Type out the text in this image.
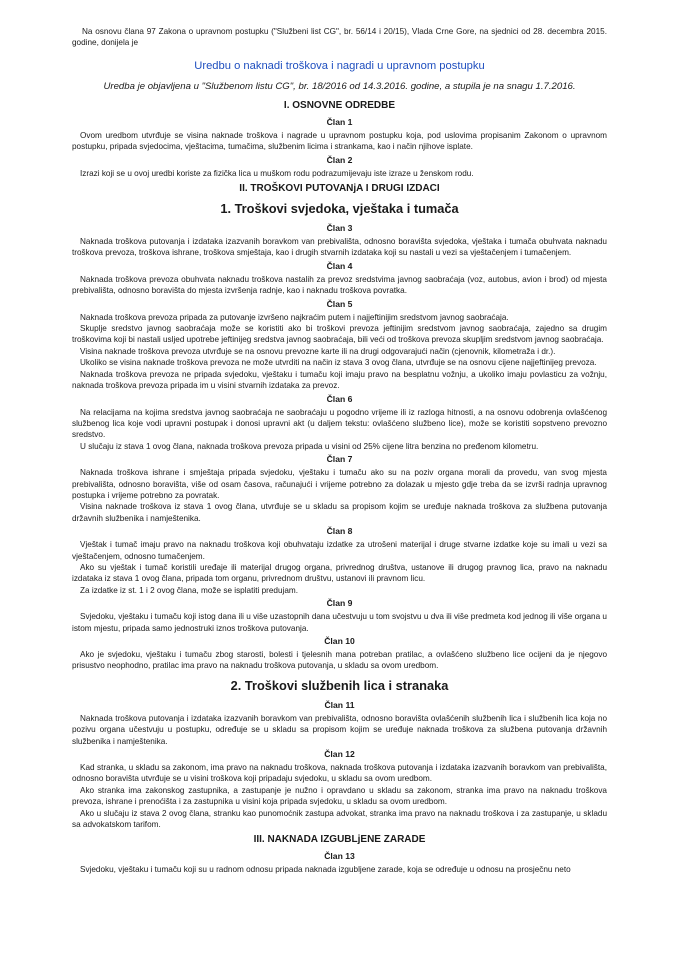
Na osnovu člana 97 Zakona o upravnom postupku ("Službeni list CG", br. 56/14 i 20/15), Vlada Crne Gore, na sjednici od 28. decembra 2015. godine, donijela je

Uredbu o naknadi troškova i nagradi u upravnom postupku
Uredba je objavljena u "Službenom listu CG", br. 18/2016 od 14.3.2016. godine, a stupila je na snagu 1.7.2016.
I. OSNOVNE ODREDBE
Član 1

Ovom uredbom utvrđuje se visina naknade troškova i nagrade u upravnom postupku koja, pod uslovima propisanim Zakonom o upravnom postupku, pripada svjedocima, vještacima, tumačima, službenim licima i strankama, kao i način njihove isplate.

Član 2

Izrazi koji se u ovoj uredbi koriste za fizička lica u muškom rodu podrazumijevaju iste izraze u ženskom rodu.

II. TROŠKOVI PUTOVANjA I DRUGI IZDACI
1. Troškovi svjedoka, vještaka i tumača
Član 3

Naknada troškova putovanja i izdataka izazvanih boravkom van prebivališta, odnosno boravišta svjedoka, vještaka i tumača obuhvata naknadu troškova prevoza, troškova ishrane, troškova smještaja, kao i drugih stvarnih izdataka koji su nastali u vezi sa vještačenjem i tumačenjem.

Član 4

Naknada troškova prevoza obuhvata naknadu troškova nastalih za prevoz sredstvima javnog saobraćaja (voz, autobus, avion i brod) od mjesta prebivališta, odnosno boravišta do mjesta izvršenja radnje, kao i naknadu troškova povratka.

Član 5

Naknada troškova prevoza pripada za putovanje izvršeno najkraćim putem i najjeftinijim sredstvom javnog saobraćaja.

Skuplje sredstvo javnog saobraćaja može se koristiti ako bi troškovi prevoza jeftinijim sredstvom javnog saobraćaja, zajedno sa drugim troškovima koji bi nastali usljed upotrebe jeftinijeg sredstva javnog saobraćaja, bili veći od troškova prevoza skupljim sredstvom javnog saobraćaja.

Visina naknade troškova prevoza utvrđuje se na osnovu prevozne karte ili na drugi odgovarajući način (cjenovnik, kilometraža i dr.).

Ukoliko se visina naknade troškova prevoza ne može utvrditi na način iz stava 3 ovog člana, utvrđuje se na osnovu cijene najjeftinijeg prevoza.

Naknada troškova prevoza ne pripada svjedoku, vještaku i tumaču koji imaju pravo na besplatnu vožnju, a ukoliko imaju povlasticu za vožnju, naknada troškova prevoza pripada im u visini stvarnih izdataka za prevoz.

Član 6

Na relacijama na kojima sredstva javnog saobraćaja ne saobraćaju u pogodno vrijeme ili iz razloga hitnosti, a na osnovu odobrenja ovlašćenog službenog lica koje vodi upravni postupak i donosi upravni akt (u daljem tekstu: ovlašćeno službeno lice), može se koristiti sopstveno prevozno sredstvo.

U slučaju iz stava 1 ovog člana, naknada troškova prevoza pripada u visini od 25% cijene litra benzina no pređenom kilometru.

Član 7

Naknada troškova ishrane i smještaja pripada svjedoku, vještaku i tumaču ako su na poziv organa morali da provedu, van svog mjesta prebivališta, odnosno boravišta, više od osam časova, računajući i vrijeme potrebno za dolazak u mjesto gdje treba da se izvrši radnja upravnog postupka i vrijeme potrebno za povratak.

Visina naknade troškova iz stava 1 ovog člana, utvrđuje se u skladu sa propisom kojim se uređuje naknada troškova za službena putovanja državnih službenika i namještenika.

Član 8

Vještak i tumač imaju pravo na naknadu troškova koji obuhvataju izdatke za utrošeni materijal i druge stvarne izdatke koje su imali u vezi sa vještačenjem, odnosno tumačenjem.

Ako su vještak i tumač koristili uređaje ili materijal drugog organa, privrednog društva, ustanove ili drugog pravnog lica, pravo na naknadu izdataka iz stava 1 ovog člana, pripada tom organu, privrednom društvu, ustanovi ili pravnom licu.

Za izdatke iz st. 1 i 2 ovog člana, može se isplatiti predujam.

Član 9

Svjedoku, vještaku i tumaču koji istog dana ili u više uzastopnih dana učestvuju u tom svojstvu u dva ili više predmeta kod jednog ili više organa u istom mjestu, pripada samo jednostruki iznos troškova putovanja.

Član 10

Ako je svjedoku, vještaku i tumaču zbog starosti, bolesti i tjelesnih mana potreban pratilac, a ovlašćeno službeno lice ocijeni da je njegovo prisustvo neophodno, pratilac ima pravo na naknadu troškova putovanja, u skladu sa ovom uredbom.

2. Troškovi službenih lica i stranaka
Član 11

Naknada troškova putovanja i izdataka izazvanih boravkom van prebivališta, odnosno boravišta ovlašćenih službenih lica i službenih lica koja no pozivu organa učestvuju u postupku, određuje se u skladu sa propisom kojim se uređuje naknada troškova za službena putovanja državnih službenika i namještenika.

Član 12

Kad stranka, u skladu sa zakonom, ima pravo na naknadu troškova, naknada troškova putovanja i izdataka izazvanih boravkom van prebivališta, odnosno boravišta utvrđuje se u visini troškova koji pripadaju svjedoku, u skladu sa ovom uredbom.

Ako stranka ima zakonskog zastupnika, a zastupanje je nužno i opravdano u skladu sa zakonom, stranka ima pravo na naknadu troškova prevoza, ishrane i prenoćišta i za zastupnika u visini koja pripada svjedoku, u skladu sa ovom uredbom.

Ako u slučaju iz stava 2 ovog člana, stranku kao punomoćnik zastupa advokat, stranka ima pravo na naknadu troškova i za zastupanje, u skladu sa advokatskom tarifom.

III. NAKNADA IZGUBLjENE ZARADE
Član 13

Svjedoku, vještaku i tumaču koji su u radnom odnosu pripada naknada izgubljene zarade, koja se određuje u odnosu na prosječnu neto
